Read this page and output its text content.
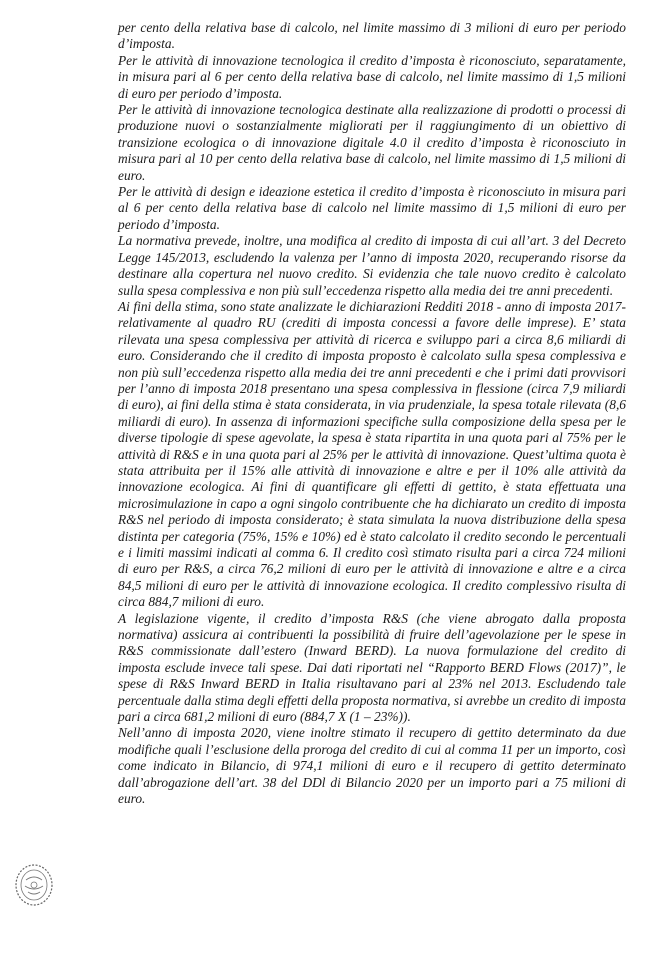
per cento della relativa base di calcolo, nel limite massimo di 3 milioni di euro per periodo d’imposta.

Per le attività di innovazione tecnologica il credito d’imposta è riconosciuto, separatamente, in misura pari al 6 per cento della relativa base di calcolo, nel limite massimo di 1,5 milioni di euro per periodo d’imposta.

Per le attività di innovazione tecnologica destinate alla realizzazione di prodotti o processi di produzione nuovi o sostanzialmente migliorati per il raggiungimento di un obiettivo di transizione ecologica o di innovazione digitale 4.0 il credito d’imposta è riconosciuto in misura pari al 10 per cento della relativa base di calcolo, nel limite massimo di 1,5 milioni di euro.

Per le attività di design e ideazione estetica il credito d’imposta è riconosciuto in misura pari al 6 per cento della relativa base di calcolo nel limite massimo di 1,5 milioni di euro per periodo d’imposta.

La normativa prevede, inoltre, una modifica al credito di imposta di cui all’art. 3 del Decreto Legge 145/2013, escludendo la valenza per l’anno di imposta 2020, recuperando risorse da destinare alla copertura nel nuovo credito. Si evidenzia che tale nuovo credito è calcolato sulla spesa complessiva e non più sull’eccedenza rispetto alla media dei tre anni precedenti.

Ai fini della stima, sono state analizzate le dichiarazioni Redditi 2018 - anno di imposta 2017- relativamente al quadro RU (crediti di imposta concessi a favore delle imprese). E’ stata rilevata una spesa complessiva per attività di ricerca e sviluppo pari a circa 8,6 miliardi di euro. Considerando che il credito di imposta proposto è calcolato sulla spesa complessiva e non più sull’eccedenza rispetto alla media dei tre anni precedenti e che i primi dati provvisori per l’anno di imposta 2018 presentano una spesa complessiva in flessione (circa 7,9 miliardi di euro), ai fini della stima è stata considerata, in via prudenziale, la spesa totale rilevata (8,6 miliardi di euro). In assenza di informazioni specifiche sulla composizione della spesa per le diverse tipologie di spese agevolate, la spesa è stata ripartita in una quota pari al 75% per le attività di R&S e in una quota pari al 25% per le attività di innovazione. Quest’ultima quota è stata attribuita per il 15% alle attività di innovazione e altre e per il 10% alle attività da innovazione ecologica. Ai fini di quantificare gli effetti di gettito, è stata effettuata una microsimulazione in capo a ogni singolo contribuente che ha dichiarato un credito di imposta R&S nel periodo di imposta considerato; è stata simulata la nuova distribuzione della spesa distinta per categoria (75%, 15% e 10%) ed è stato calcolato il credito secondo le percentuali e i limiti massimi indicati al comma 6. Il credito così stimato risulta pari a circa 724 milioni di euro per R&S, a circa 76,2 milioni di euro per le attività di innovazione e altre e a circa 84,5 milioni di euro per le attività di innovazione ecologica. Il credito complessivo risulta di circa 884,7 milioni di euro.

A legislazione vigente, il credito d’imposta R&S (che viene abrogato dalla proposta normativa) assicura ai contribuenti la possibilità di fruire dell’agevolazione per le spese in R&S commissionate dall’estero (Inward BERD). La nuova formulazione del credito di imposta esclude invece tali spese. Dai dati riportati nel “Rapporto BERD Flows (2017)”, le spese di R&S Inward BERD in Italia risultavano pari al 23% nel 2013. Escludendo tale percentuale dalla stima degli effetti della proposta normativa, si avrebbe un credito di imposta pari a circa 681,2 milioni di euro (884,7 X (1 – 23%)).

Nell’anno di imposta 2020, viene inoltre stimato il recupero di gettito determinato da due modifiche quali l’esclusione della proroga del credito di cui al comma 11 per un importo, così come indicato in Bilancio, di 974,1 milioni di euro e il recupero di gettito determinato dall’abrogazione dell’art. 38 del DDl di Bilancio 2020 per un importo pari a 75 milioni di euro.
